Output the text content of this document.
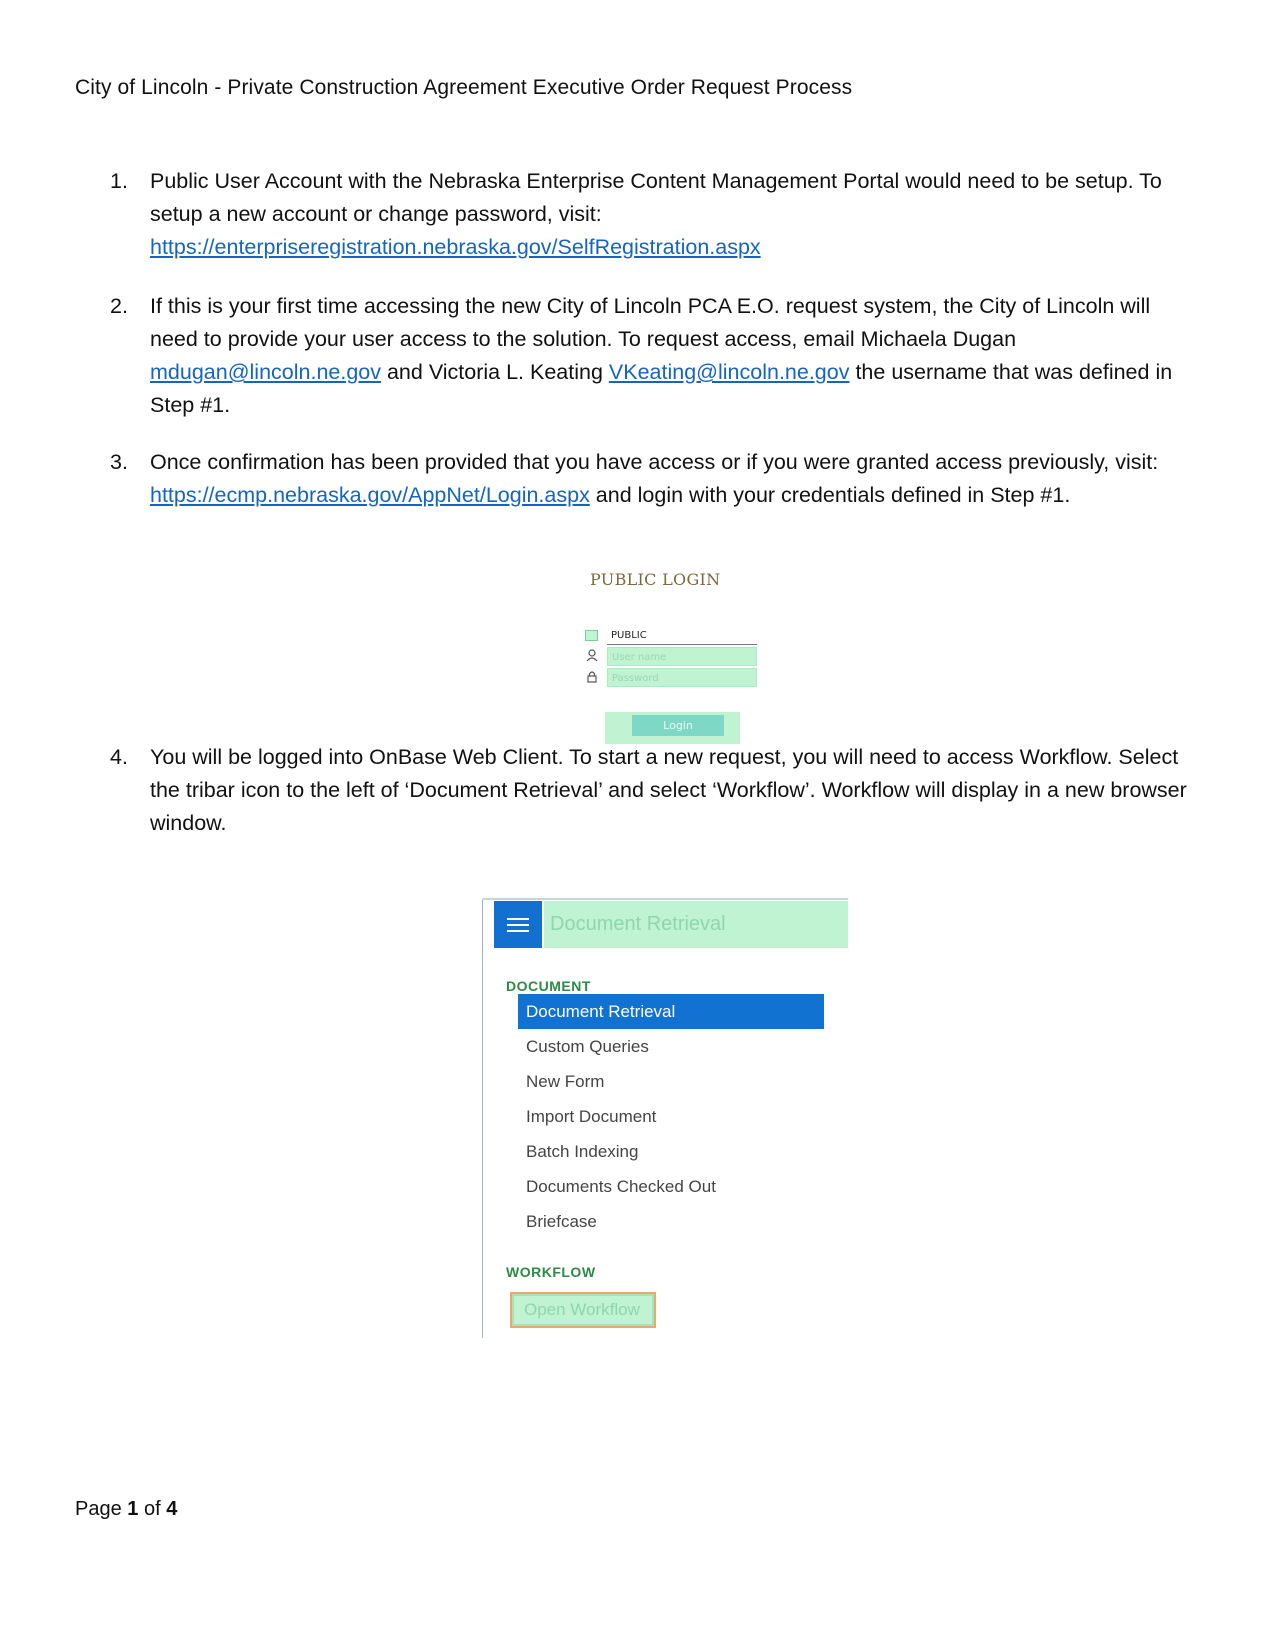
City of Lincoln - Private Construction Agreement Executive Order Request Process
1.	Public User Account with the Nebraska Enterprise Content Management Portal would need to be setup. To setup a new account or change password, visit:
https://enterpriseregistration.nebraska.gov/SelfRegistration.aspx
2.	If this is your first time accessing the new City of Lincoln PCA E.O. request system, the City of Lincoln will need to provide your user access to the solution. To request access, email Michaela Dugan mdugan@lincoln.ne.gov and Victoria L. Keating VKeating@lincoln.ne.gov the username that was defined in Step #1.
3.	Once confirmation has been provided that you have access or if you were granted access previously, visit: https://ecmp.nebraska.gov/AppNet/Login.aspx and login with your credentials defined in Step #1.
PUBLIC LOGIN
PUBLIC
User name
Password
Login
4.	You will be logged into OnBase Web Client. To start a new request, you will need to access Workflow. Select the tribar icon to the left of ‘Document Retrieval’ and select ‘Workflow’. Workflow will display in a new browser window.
Document Retrieval
DOCUMENT
Document Retrieval
Custom Queries
New Form
Import Document
Batch Indexing
Documents Checked Out
Briefcase
WORKFLOW
Open Workflow
Page 1 of 4
